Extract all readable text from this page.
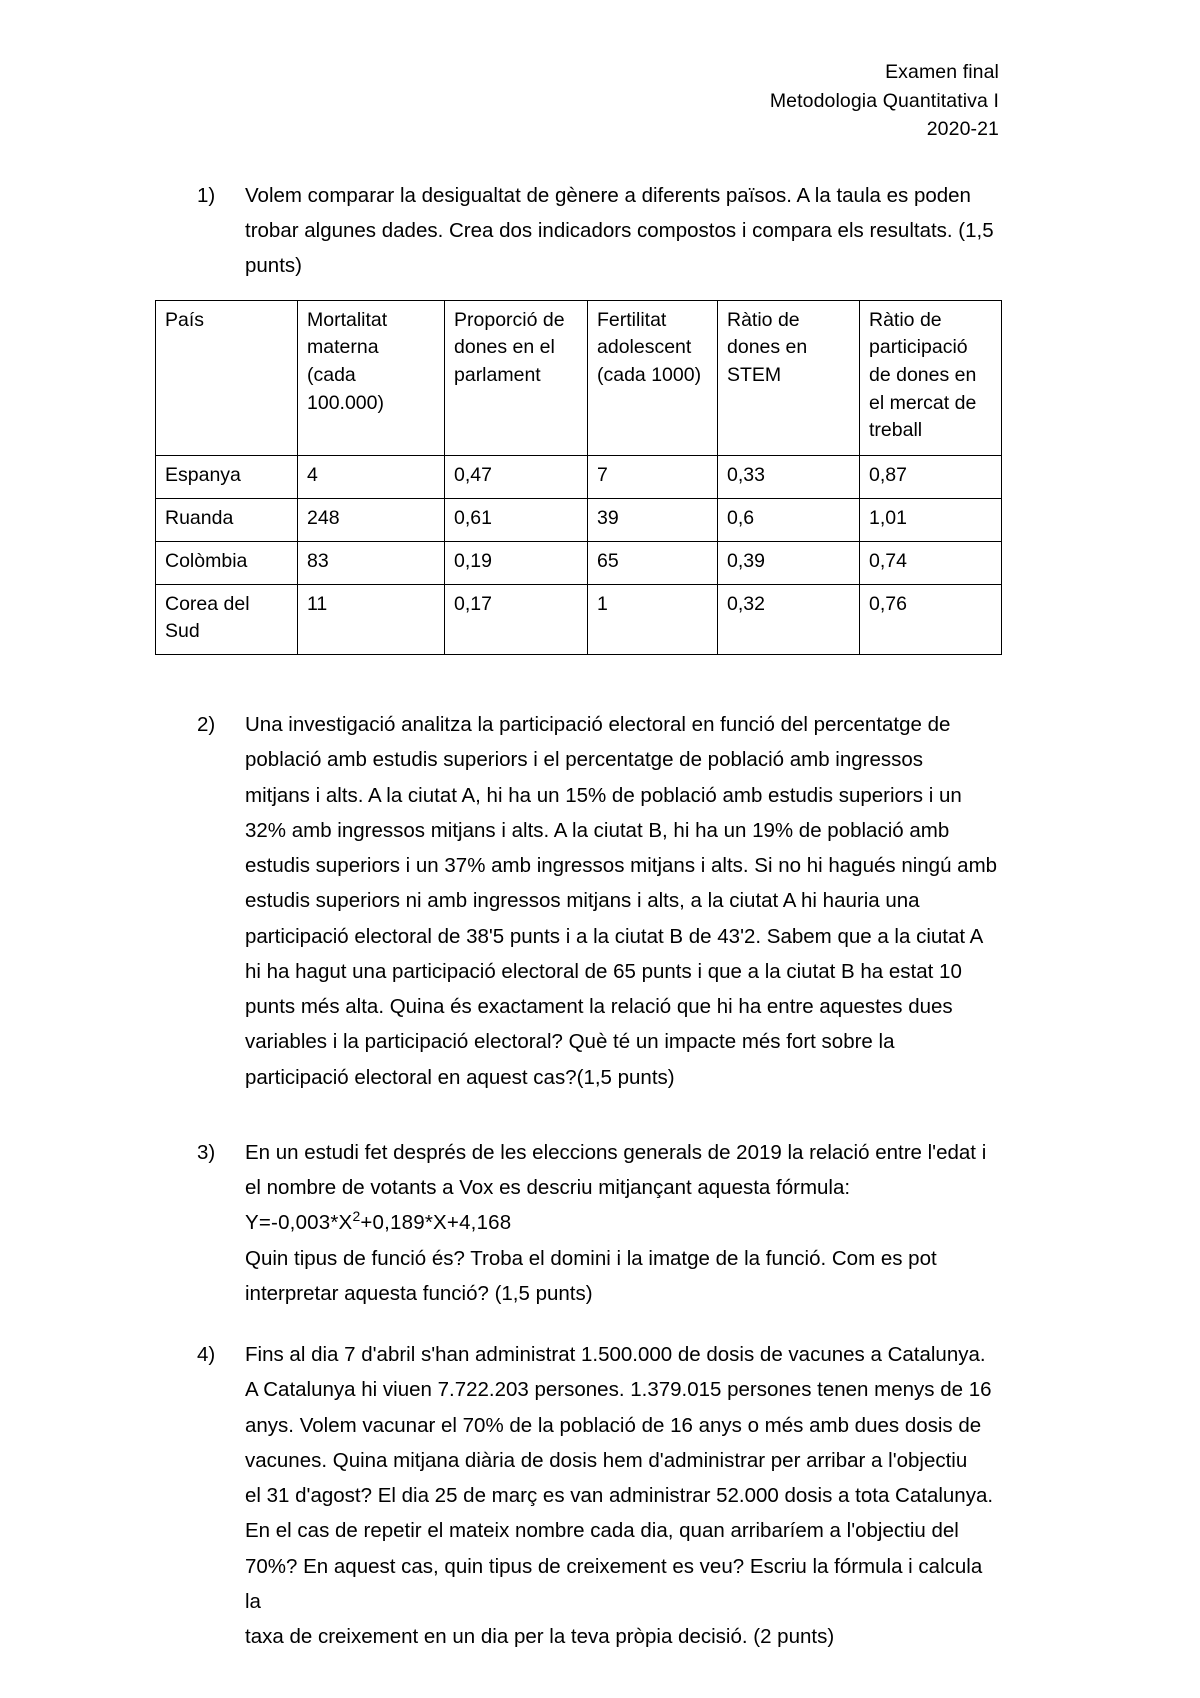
Examen final
Metodologia Quantitativa I
2020-21
1)	Volem comparar la desigualtat de gènere a diferents països. A la taula es poden
trobar algunes dades. Crea dos indicadors compostos i compara els resultats. (1,5
punts)
País	Mortalitat
materna
(cada
100.000)	Proporció de
dones en el
parlament	Fertilitat
adolescent
(cada 1000)	Ràtio de
dones en
STEM	Ràtio de
participació
de dones en
el mercat de
treball

Espanya	4	0,47	7	0,33	0,87

Ruanda	248	0,61	39	0,6	1,01

Colòmbia	83	0,19	65	0,39	0,74

Corea del
Sud	11	0,17	1	0,32	0,76
2)	Una investigació analitza la participació electoral en funció del percentatge de
població amb estudis superiors i el percentatge de població amb ingressos
mitjans i alts. A la ciutat A, hi ha un 15% de població amb estudis superiors i un
32% amb ingressos mitjans i alts. A la ciutat B, hi ha un 19% de població amb
estudis superiors i un 37% amb ingressos mitjans i alts. Si no hi hagués ningú amb
estudis superiors ni amb ingressos mitjans i alts, a la ciutat A hi hauria una
participació electoral de 38'5 punts i a la ciutat B de 43'2. Sabem que a la ciutat A
hi ha hagut una participació electoral de 65 punts i que a la ciutat B ha estat 10
punts més alta. Quina és exactament la relació que hi ha entre aquestes dues
variables i la participació electoral? Què té un impacte més fort sobre la
participació electoral en aquest cas?(1,5 punts)
3)	En un estudi fet després de les eleccions generals de 2019 la relació entre l'edat i
el nombre de votants a Vox es descriu mitjançant aquesta fórmula:
$Y=-0,003*X^2+0,189*X+4,168$
Quin tipus de funció és? Troba el domini i la imatge de la funció. Com es pot
interpretar aquesta funció? (1,5 punts)
4)	Fins al dia 7 d'abril s'han administrat 1.500.000 de dosis de vacunes a Catalunya.
A Catalunya hi viuen 7.722.203 persones. 1.379.015 persones tenen menys de 16
anys. Volem vacunar el 70% de la població de 16 anys o més amb dues dosis de
vacunes. Quina mitjana diària de dosis hem d'administrar per arribar a l'objectiu
el 31 d'agost? El dia 25 de març es van administrar 52.000 dosis a tota Catalunya.
En el cas de repetir el mateix nombre cada dia, quan arribaríem a l'objectiu del
70%? En aquest cas, quin tipus de creixement es veu? Escriu la fórmula i calcula la
taxa de creixement en un dia per la teva pròpia decisió. (2 punts)
